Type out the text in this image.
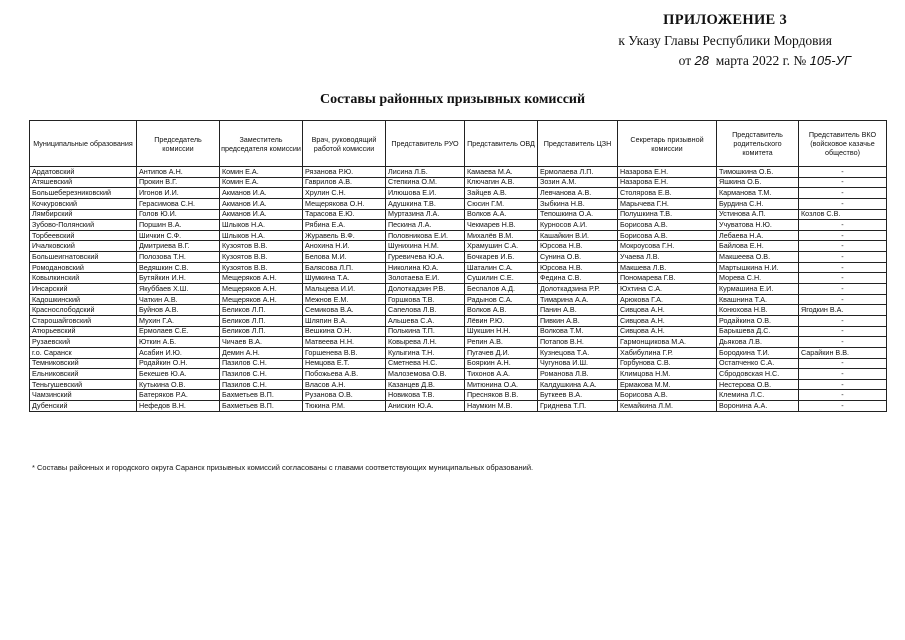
ПРИЛОЖЕНИЕ 3
к Указу Главы Республики Мордовия
от 28 марта 2022 г. № 105-УГ
Составы районных призывных комиссий
Муниципальные образования	Председатель комиссии	Заместитель председателя комиссии	Врач, руководящий работой комиссии	Представитель РУО	Представитель ОВД	Представитель ЦЗН	Секретарь призывной комиссии	Представитель родительского комитета	Представитель ВКО (войсковое казачье общество)
Ардатовский	Антипов А.Н.	Комин Е.А.	Рязанова Р.Ю.	Лисина Л.Б.	Камаева М.А.	Ермолаева Л.П.	Назарова Е.Н.	Тимошкина О.Б.	-
Атяшевский	Прокин В.Г.	Комин Е.А.	Гаврилов А.В.	Степкина О.М.	Ключагин А.В.	Зозин А.М.	Назарова Е.Н.	Яшкина О.Б.	-
Большеберезниковский	Игонов И.И.	Акманов И.А.	Хрулин С.Н.	Илюшова Е.И.	Зайцев А.В.	Левчанова А.В.	Столярова Е.В.	Карманова Т.М.	-
Кочкуровский	Герасимова С.Н.	Акманов И.А.	Мещерякова О.Н.	Адушкина Т.В.	Сюсин Г.М.	Зыбкина Н.В.	Марычева Г.Н.	Бурдина С.Н.	-
Лямбирский	Голов Ю.И.	Акманов И.А.	Тарасова Е.Ю.	Муртазина Л.А.	Волков А.А.	Тепошкина О.А.	Полушкина Т.В.	Устинова А.П.	Козлов С.В.
Зубово-Полянский	Поршин В.А.	Шлыков Н.А.	Рябина Е.А.	Пескина Л.А.	Чекмарев Н.В.	Курносов А.И.	Борисова А.В.	Учуватова Н.Ю.	-
Торбеевский	Шичкин С.Ф.	Шлыков Н.А.	Журавель В.Ф.	Половникова Е.И.	Михалёв В.М.	Кашайкин В.И.	Борисова А.В.	Лебаева Н.А.	-
Ичалковский	Дмитриева В.Г.	Кузоятов В.В.	Анохина Н.И.	Шунихина Н.М.	Храмушин С.А.	Юрсова Н.В.	Мокроусова Г.Н.	Байлова Е.Н.	-
Большеигнатовский	Полозова Т.Н.	Кузоятов В.В.	Белова М.И.	Гуревичева Ю.А.	Бочкарев И.Б.	Сунина О.В.	Учаева Л.В.	Макшеева О.В.	-
Ромодановский	Ведяшкин С.В.	Кузоятов В.В.	Балясова Л.П.	Николина Ю.А.	Шаталин С.А.	Юрсова Н.В.	Макшева Л.В.	Мартышкина Н.И.	-
Ковылкинский	Бутяйкин И.Н.	Мещеряков А.Н.	Шумкина Т.А.	Золотаева Е.И.	Сушилин С.Е.	Федина С.В.	Пономарева Г.В.	Морева С.Н.	-
Инсарский	Якуббаев Х.Ш.	Мещеряков А.Н.	Мальцева И.И.	Долоткадзин Р.В.	Беспалов А.Д.	Долоткадзина Р.Р.	Юхтина С.А.	Курмашина Е.И.	-
Кадошкинский	Чаткин А.В.	Мещеряков А.Н.	Межнов Е.М.	Горшкова Т.В.	Радынов С.А.	Тимарина А.А.	Арюкова Г.А.	Квашнина Т.А.	-
Краснослободский	Буйнов А.В.	Беликов Л.П.	Семикова В.А.	Сапелова Л.В.	Волков А.В.	Панин А.В.	Сивцова А.Н.	Конюхова Н.В.	Ягодкин В.А.
Старошайговский	Мухин Г.А.	Беликов Л.П.	Шляпин В.А.	Альшева С.А.	Лёвин Р.Ю.	Пивкин А.В.	Сивцова А.Н.	Родайкина О.В.	-
Атюрьевский	Ермолаев С.Е.	Беликов Л.П.	Вешкина О.Н.	Полькина Т.П.	Шукшин Н.Н.	Волкова Т.М.	Сивцова А.Н.	Барышева Д.С.	-
Рузаевский	Юткин А.Б.	Чичаев В.А.	Матвеева Н.Н.	Ковырева Л.Н.	Репин А.В.	Потапов В.Н.	Гармонщикова М.А.	Дьякова Л.В.	-
г.о. Саранск	Асабин И.Ю.	Демин А.Н.	Горшенева В.В.	Кулыгина Т.Н.	Пугачев Д.И.	Кузнецова Т.А.	Хабибулина Г.Р.	Бородкина Т.И.	Сарайкин В.В.
Темниковский	Родайкин О.Н.	Пазилов С.Н.	Немцова Е.Т.	Сметнева Н.С.	Бояркин А.Н.	Чугунова И.Ш.	Горбунова С.В.	Остапченко С.А.	-
Ельниковский	Бекешев Ю.А.	Пазилов С.Н.	Побожьева А.В.	Малоземова О.В.	Тихонов А.А.	Романова Л.В.	Климцова Н.М.	Сбродовская Н.С.	-
Теньгушевский	Кутькина О.В.	Пазилов С.Н.	Власов А.Н.	Казанцев Д.В.	Митюнина О.А.	Калдушкина А.А.	Ермакова М.М.	Нестерова О.В.	-
Чамзинский	Батеряков Р.А.	Бахметьев В.П.	Рузанова О.В.	Новикова Т.В.	Пресняков В.В.	Буткеев В.А.	Борисова А.В.	Клемина Л.С.	-
Дубенский	Нефедов В.Н.	Бахметьев В.П.	Тюкина Р.М.	Анискин Ю.А.	Наумкин М.В.	Гриднева Т.П.	Кемайкина Л.М.	Воронина А.А.	-
* Составы районных и городского округа Саранск призывных комиссий согласованы с главами соответствующих муниципальных образований.
